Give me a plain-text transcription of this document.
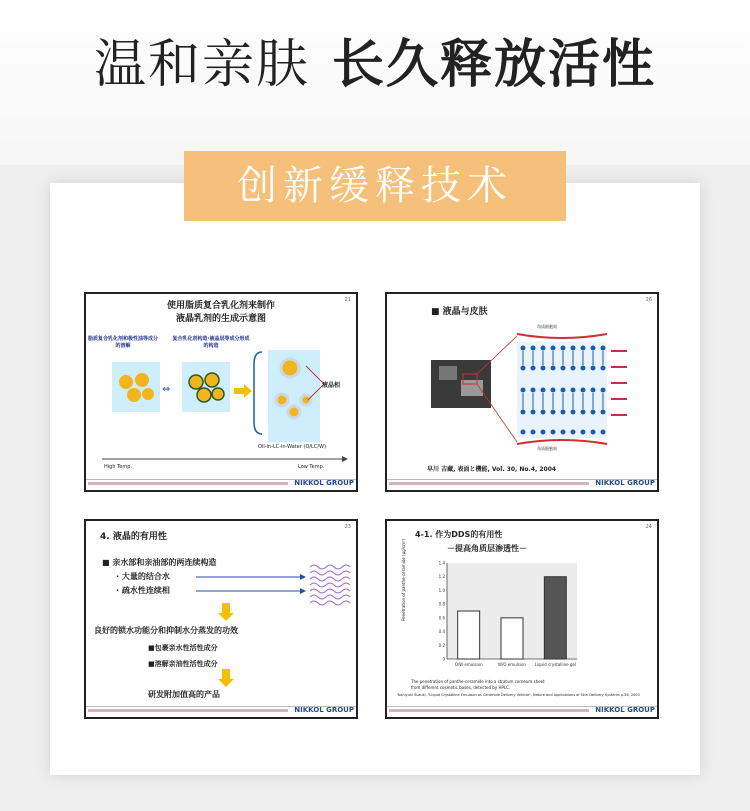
温和亲肤 长久释放活性
创新缓释技术
21
使用脂质复合乳化剂来制作
液晶乳剂的生成示意图
脂质复合乳化剂和极性油等成分的溶解
复合乳化剂构造·液晶层等成分形成的构造
⇔	液晶相
Oil-in-LC-in-Water (O/LC/W)
High Temp.	Low Temp.
NIKKOL GROUP
26
■ 液晶与皮肤
角质细胞间
角质细胞间
早川 吉藏, 表面と機能, Vol. 30, No.4, 2004
NIKKOL GROUP
23
4. 液晶的有用性
■ 亲水部和亲油部的两连续构造
· 大量的结合水
· 疏水性连续相
良好的锁水功能分和抑制水分蒸发的功效
■包裹亲水性活性成分
■溶解亲油性活性成分
研发附加值高的产品
NIKKOL GROUP
24
4-1. 作为DDS的有用性
－提高角质层渗透性－
Penetration of panthe-ceramide (µg/cm²)
0
0.2
0.4
0.6
0.8
1.0
1.2
1.4
O/W emulsion	W/O emulsion Liquid crystalline gel
The penetration of panthe-ceramide into a stratum corneum sheet
from different cosmetic bases, detected by HPLC.
Toshiyuki Suzuki, "Liquid Crystalline Emulsion as Ceramide Delivery Vehicle", Nature and Applications of Skin Delivery Systems p.56, 2003
NIKKOL GROUP
